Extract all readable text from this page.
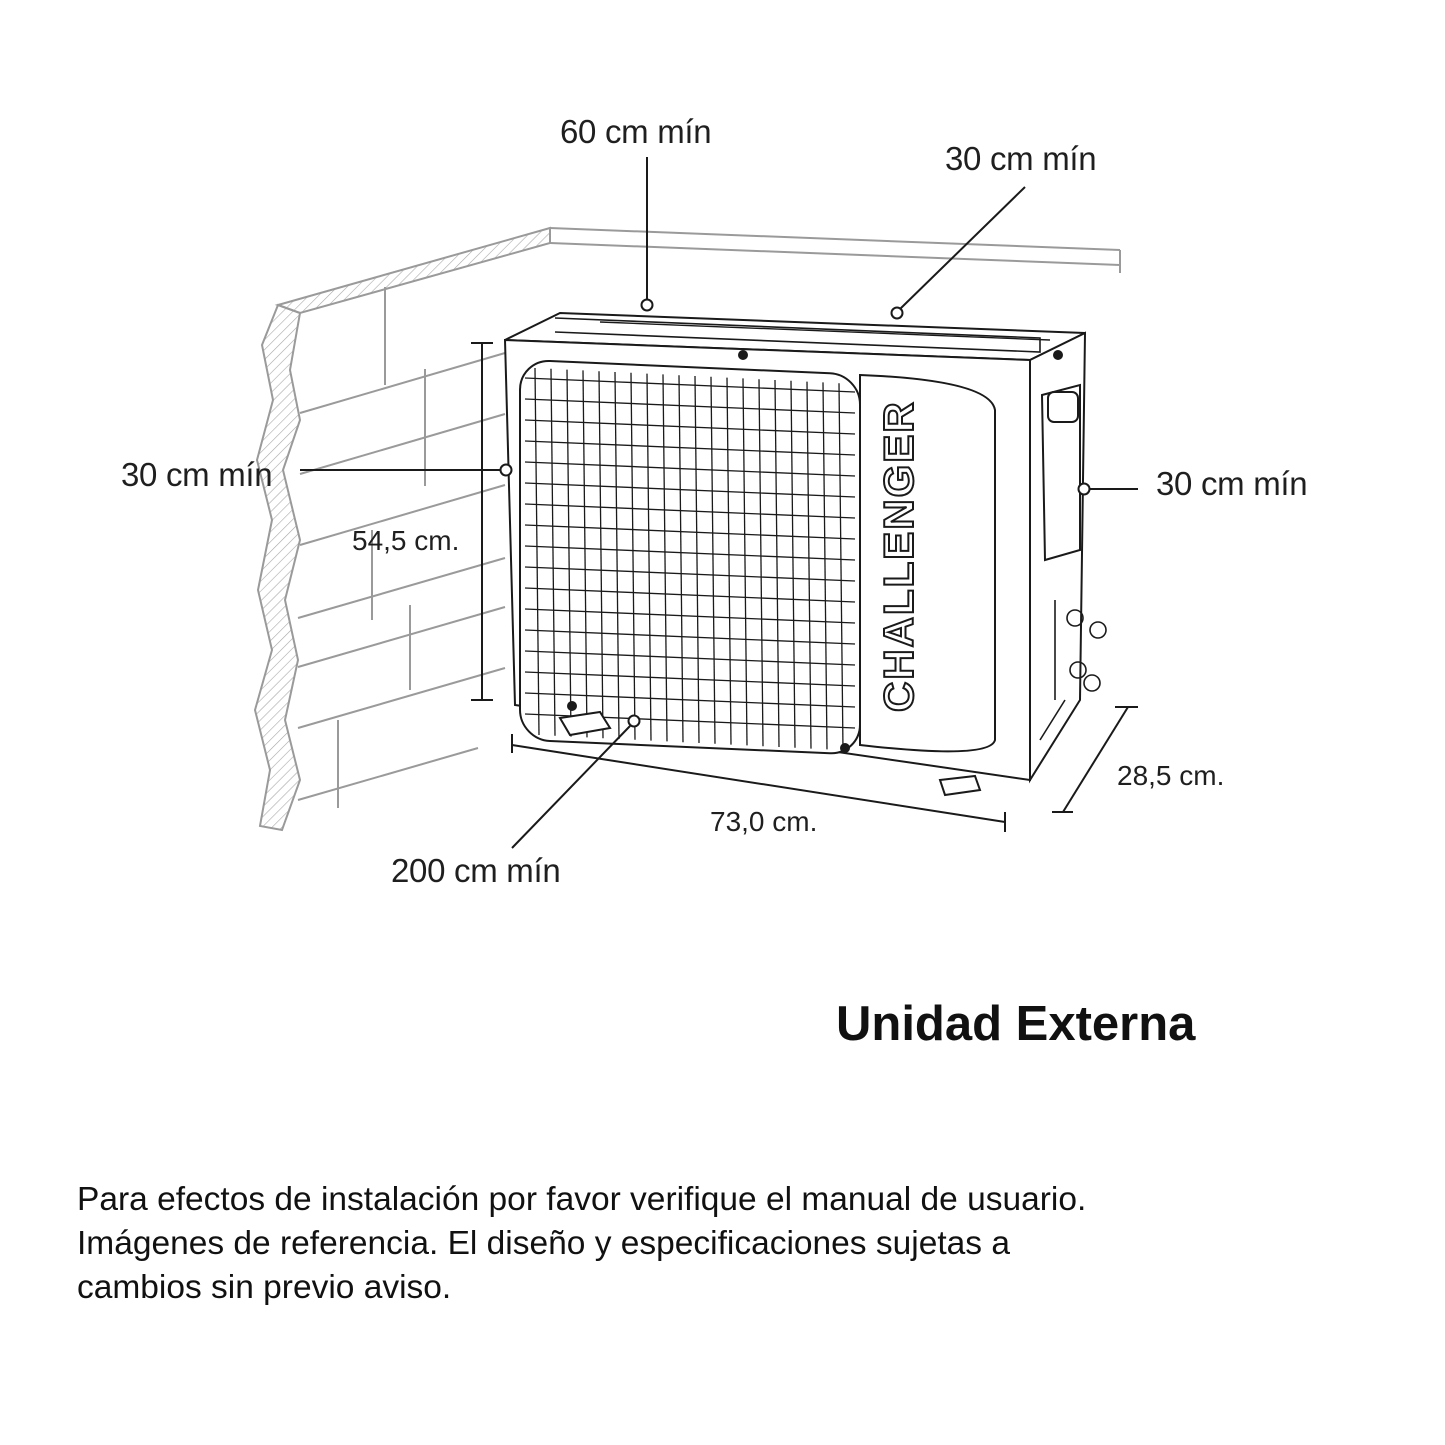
CHALLENGER
60 cm mín
30 cm mín
30 cm mín	30 cm mín
200 cm mín
54,5 cm.
73,0 cm.
28,5 cm.
Unidad Externa
Para efectos de instalación por favor verifique el manual de usuario.
Imágenes de referencia. El diseño y especificaciones sujetas a
cambios sin previo aviso.
